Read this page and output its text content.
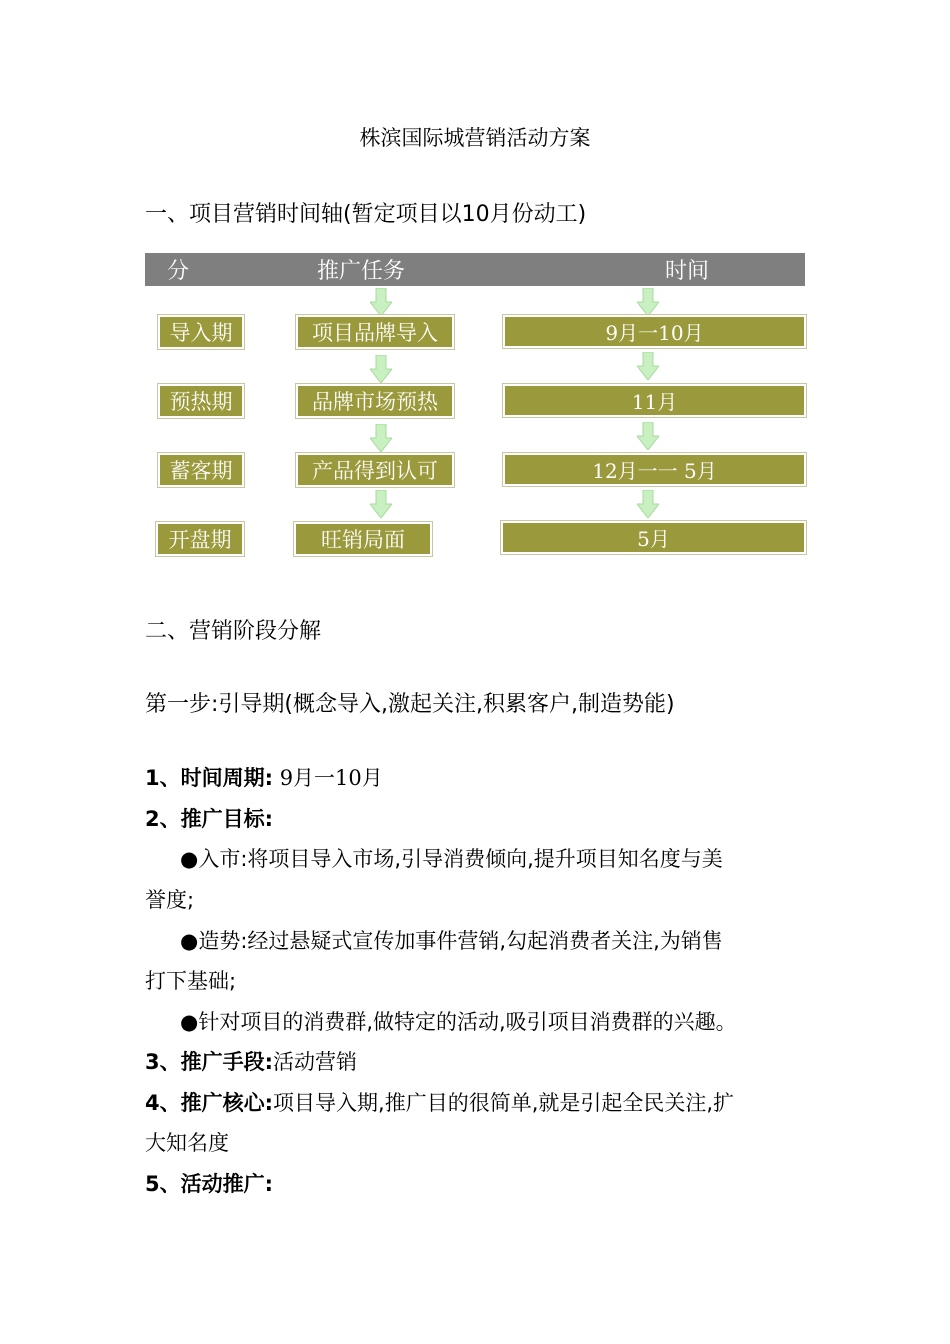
株滨国际城营销活动方案
一、项目营销时间轴(暂定项目以10月份动工)
分	推广任务	时间
导入期	项目品牌导入	9月一10月
预热期	品牌市场预热	11月
蓄客期	产品得到认可	12月一一 5月
开盘期	旺销局面	5月
二、营销阶段分解
第一步:引导期(概念导入,激起关注,积累客户,制造势能)
1、时间周期: 9月一10月
2、推广目标:
●入市:将项目导入市场,引导消费倾向,提升项目知名度与美
誉度;
●造势:经过悬疑式宣传加事件营销,勾起消费者关注,为销售
打下基础;
●针对项目的消费群,做特定的活动,吸引项目消费群的兴趣。
3、推广手段:活动营销
4、推广核心:项目导入期,推广目的很简单,就是引起全民关注,扩
大知名度
5、活动推广:
